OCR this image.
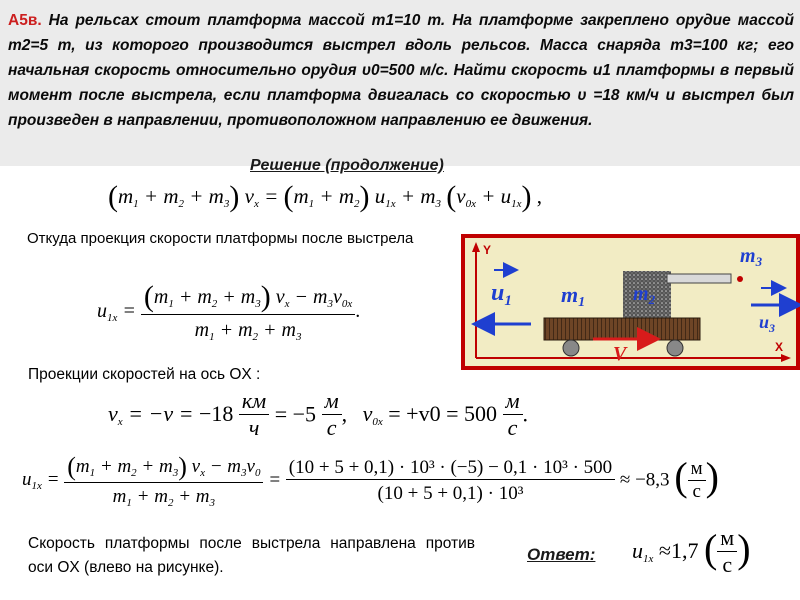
А5в. На рельсах стоит платформа массой m1=10 т. На платформе закреплено орудие массой m2=5 т, из которого производится выстрел вдоль рельсов. Масса снаряда m3=100 кг; его начальная скорость относительно орудия υ0=500 м/с. Найти скорость u1 платформы в первый момент после выстрела, если платформа двигалась со скоростью υ =18 км/ч и выстрел был произведен в направлении, противоположном направлению ее движения.
Решение (продолжение)
$(m_1 + m_2 + m_3) v_x = (m_1 + m_2) u_{1x} + m_3$ $(v_{0x} + u_{1x})$ ,
Откуда проекция скорости платформы после выстрела
$u_{1x} = \frac{(m_1 + m_2 + m_3) v_x - m_3v_{0x}}{m_1 + m_2 + m_3}$ .
Проекции скоростей на ось OX :
$v_x = -v = -18 \frac{км}{ч} = -5 \frac{м}{с}$ , $v_{0x} = +v0 = 500 \frac{м}{с}$ .
$u_{1x} = \frac{(m_1 + m_2 + m_3) v_x - m_3v_0}{m_1 + m_2 + m_3} = \frac{\text{(10 + 5 + 0,1) · 10³ · (−5) − 0,1 · 10³ · 500}}{\text{(10 + 5 + 0,1) · 10³}} \approx -8,3$ ( $\frac{м}{с}$ )
Скорость платформы после выстрела направлена против оси OX (влево на рисунке).
Ответ: $u_{1x} \approx 1,7$ ( $\frac{м}{с}$ )
Y
X
$m_2$
m1
V
$u_1$
$m_3$
$u_3$
